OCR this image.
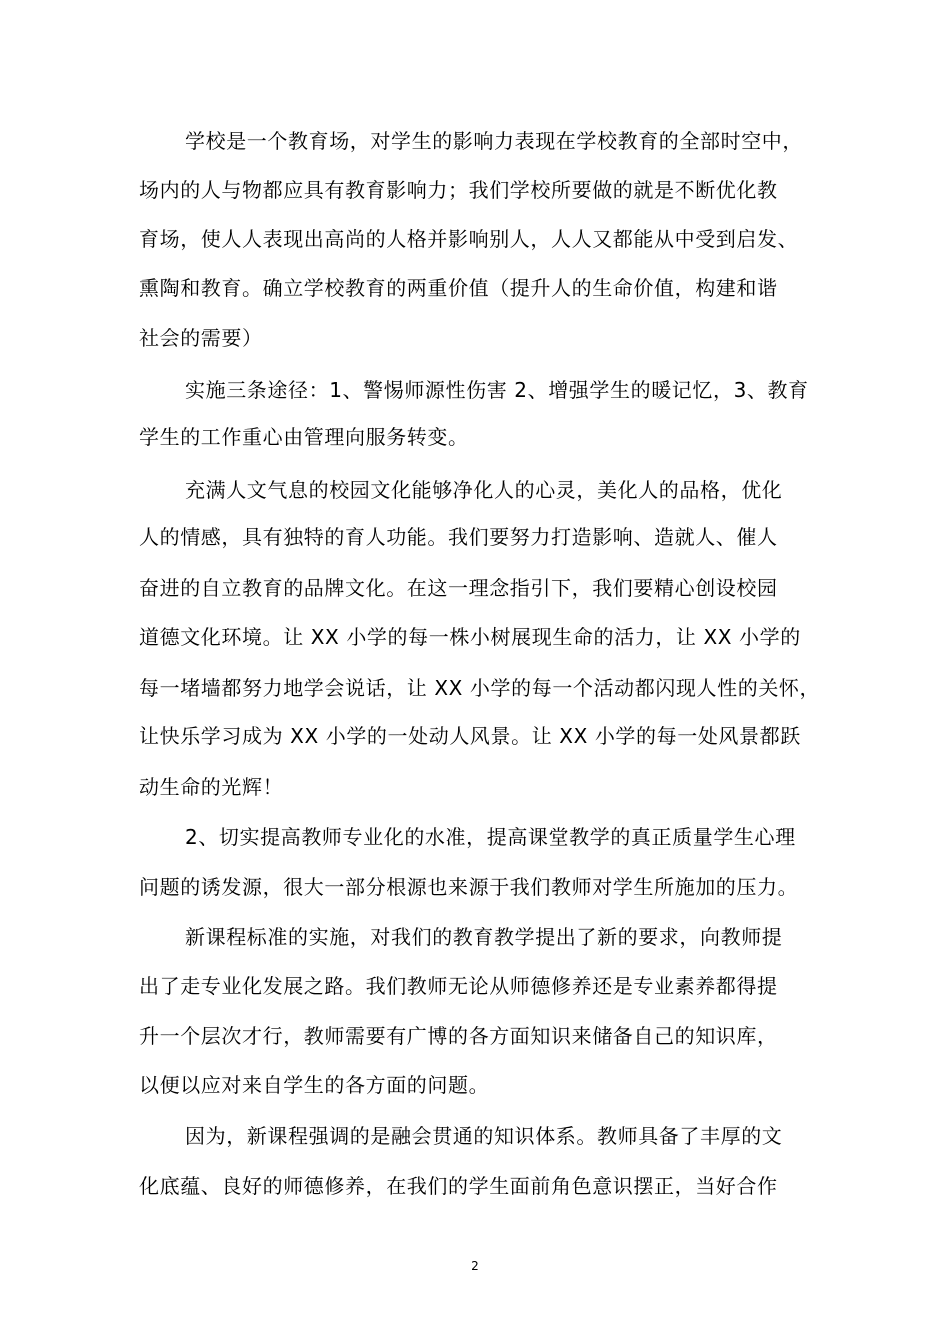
学校是一个教育场，对学生的影响力表现在学校教育的全部时空中，
场内的人与物都应具有教育影响力；我们学校所要做的就是不断优化教
育场，使人人表现出高尚的人格并影响别人，人人又都能从中受到启发、
熏陶和教育。确立学校教育的两重价值（提升人的生命价值，构建和谐
社会的需要）
实施三条途径：1、警惕师源性伤害 2、增强学生的暖记忆，3、教育
学生的工作重心由管理向服务转变。
充满人文气息的校园文化能够净化人的心灵，美化人的品格，优化
人的情感，具有独特的育人功能。我们要努力打造影响、造就人、催人
奋进的自立教育的品牌文化。在这一理念指引下，我们要精心创设校园
道德文化环境。让 XX 小学的每一株小树展现生命的活力，让 XX 小学的
每一堵墙都努力地学会说话，让 XX 小学的每一个活动都闪现人性的关怀，
让快乐学习成为 XX 小学的一处动人风景。让 XX 小学的每一处风景都跃
动生命的光辉！
2、切实提高教师专业化的水准，提高课堂教学的真正质量学生心理
问题的诱发源，很大一部分根源也来源于我们教师对学生所施加的压力。
新课程标准的实施，对我们的教育教学提出了新的要求，向教师提
出了走专业化发展之路。我们教师无论从师德修养还是专业素养都得提
升一个层次才行，教师需要有广博的各方面知识来储备自己的知识库，
以便以应对来自学生的各方面的问题。
因为，新课程强调的是融会贯通的知识体系。教师具备了丰厚的文
化底蕴、良好的师德修养，在我们的学生面前角色意识摆正，当好合作
2
